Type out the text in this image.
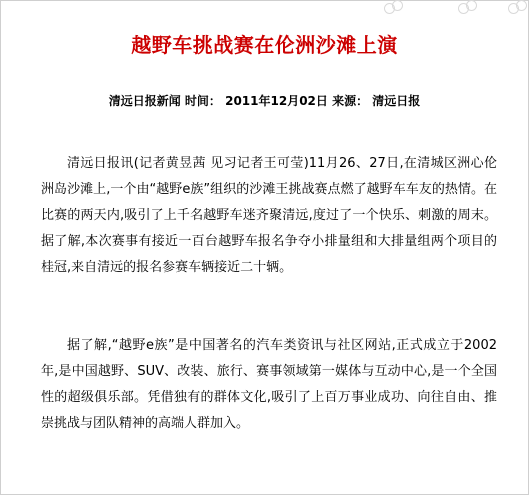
越野车挑战赛在伦洲沙滩上演
清远日报新闻 时间： 2011年12月02日 来源： 清远日报

清远日报讯(记者黄昱茜 见习记者王可莹)11月26、27日,在清城区洲心伦洲岛沙滩上,一个由“越野e族”组织的沙滩王挑战赛点燃了越野车车友的热情。在比赛的两天内,吸引了上千名越野车迷齐聚清远,度过了一个快乐、刺激的周末。据了解,本次赛事有接近一百台越野车报名争夺小排量组和大排量组两个项目的桂冠,来自清远的报名参赛车辆接近二十辆。

据了解,“越野e族”是中国著名的汽车类资讯与社区网站,正式成立于2002年,是中国越野、SUV、改装、旅行、赛事领域第一媒体与互动中心,是一个全国性的超级俱乐部。凭借独有的群体文化,吸引了上百万事业成功、向往自由、推崇挑战与团队精神的高端人群加入。
